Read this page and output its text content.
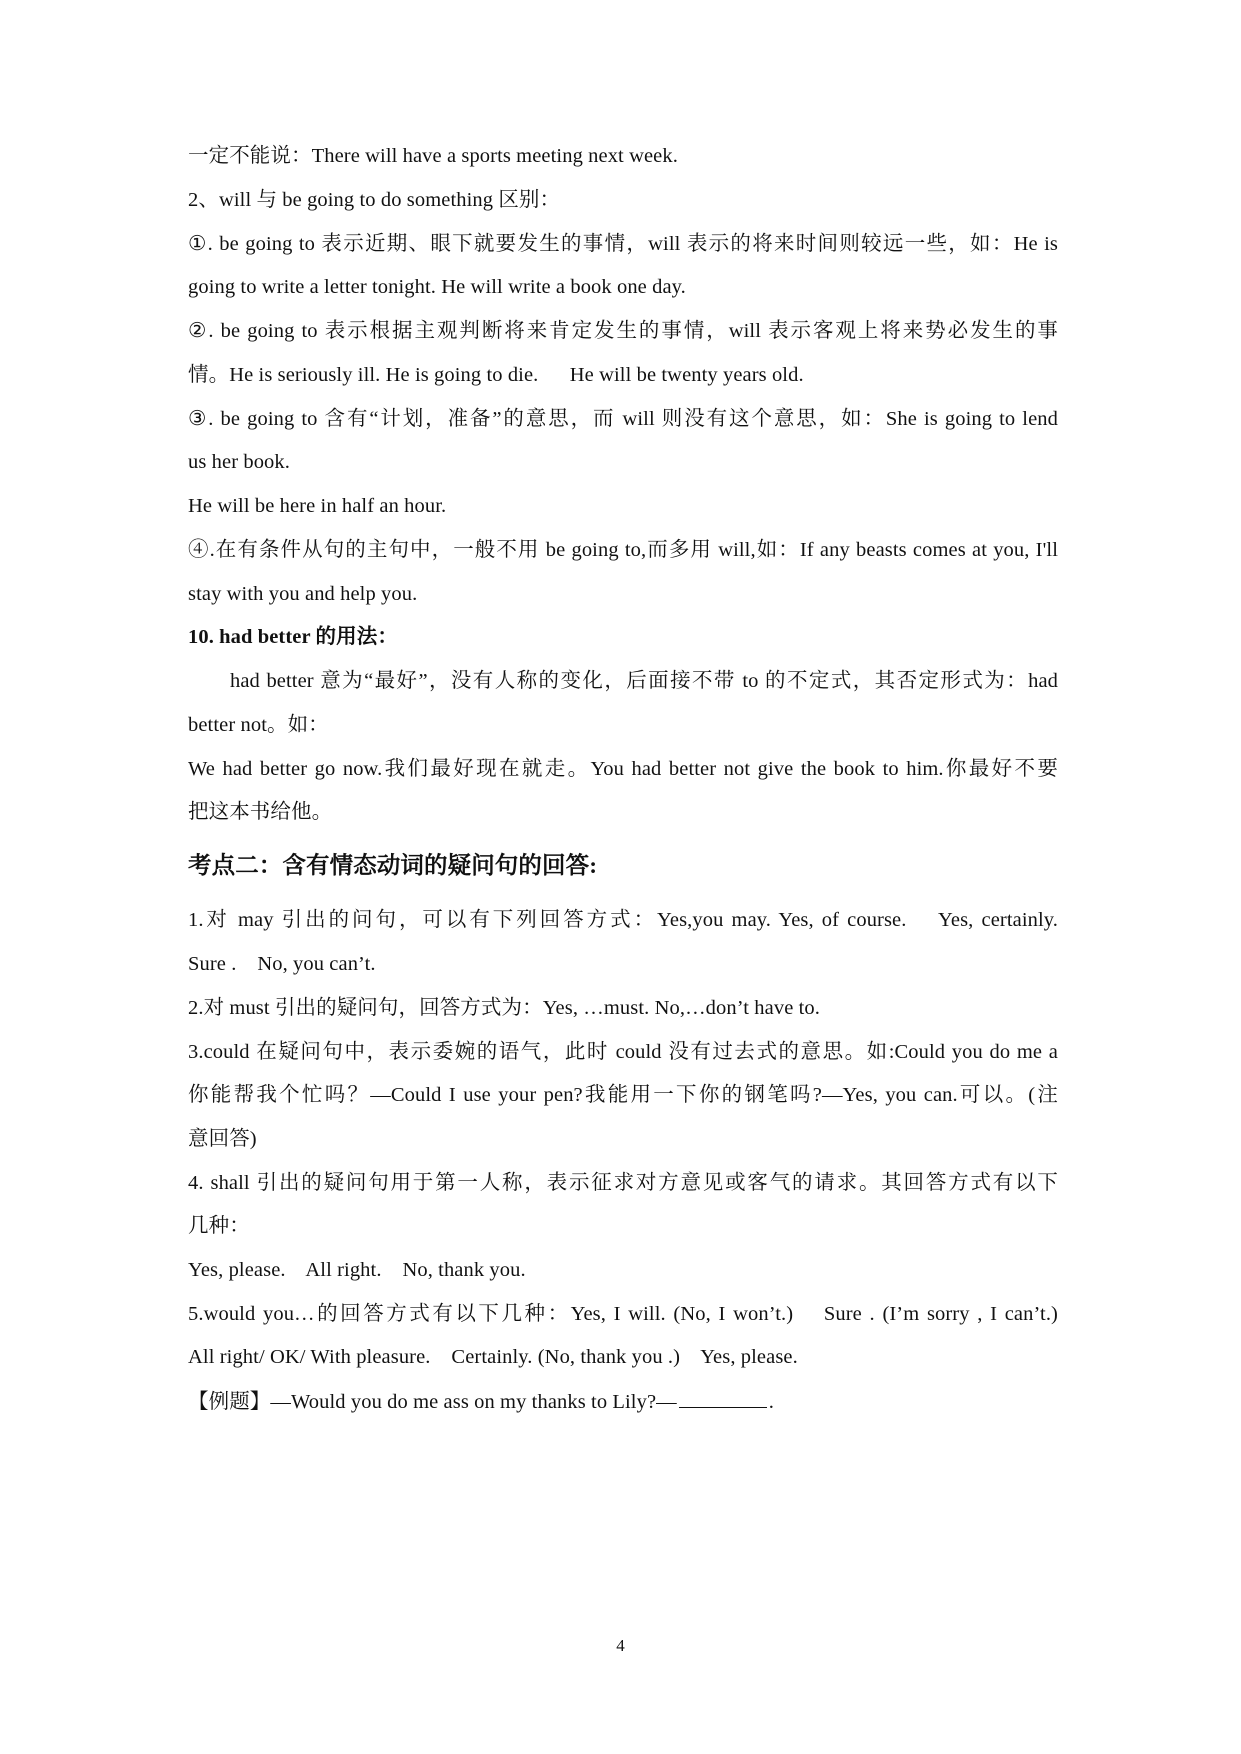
一定不能说：There will have a sports meeting next week.
2、will 与 be going to do something 区别：
①. be going to 表示近期、眼下就要发生的事情，will 表示的将来时间则较远一些，如：He is
going to write a letter tonight. He will write a book one day.
②. be going to 表示根据主观判断将来肯定发生的事情，will 表示客观上将来势必发生的事
情。He is seriously ill. He is going to die.      He will be twenty years old.
③. be going to 含有“计划，准备”的意思，而 will 则没有这个意思，如：She is going to lend
us her book.
He will be here in half an hour.
④.在有条件从句的主句中，一般不用 be going to,而多用 will,如：If any beasts comes at you, I'll
stay with you and help you.
10. had better 的用法：
had better 意为“最好”，没有人称的变化，后面接不带 to 的不定式，其否定形式为：had
better not。如：
We had better go now.我们最好现在就走。You had better not give the book to him.你最好不要
把这本书给他。
考点二：含有情态动词的疑问句的回答:
1.对 may 引出的问句，可以有下列回答方式：Yes,you may. Yes, of course.    Yes, certainly.
Sure .    No, you can’t.
2.对 must 引出的疑问句，回答方式为：Yes, …must. No,…don’t have to.
3.could 在疑问句中，表示委婉的语气，此时 could 没有过去式的意思。如:Could you do me a
你能帮我个忙吗？—Could I use your pen?我能用一下你的钢笔吗?—Yes, you can.可以。(注
意回答)
4. shall 引出的疑问句用于第一人称，表示征求对方意见或客气的请求。其回答方式有以下
几种：
Yes, please.    All right.    No, thank you.
5.would you…的回答方式有以下几种：Yes, I will. (No, I won’t.)    Sure . (I’m sorry , I can’t.)
All right/ OK/ With pleasure.    Certainly. (No, thank you .)    Yes, please.
【例题】—Would you do me ass on my thanks to Lily?—	.
4
